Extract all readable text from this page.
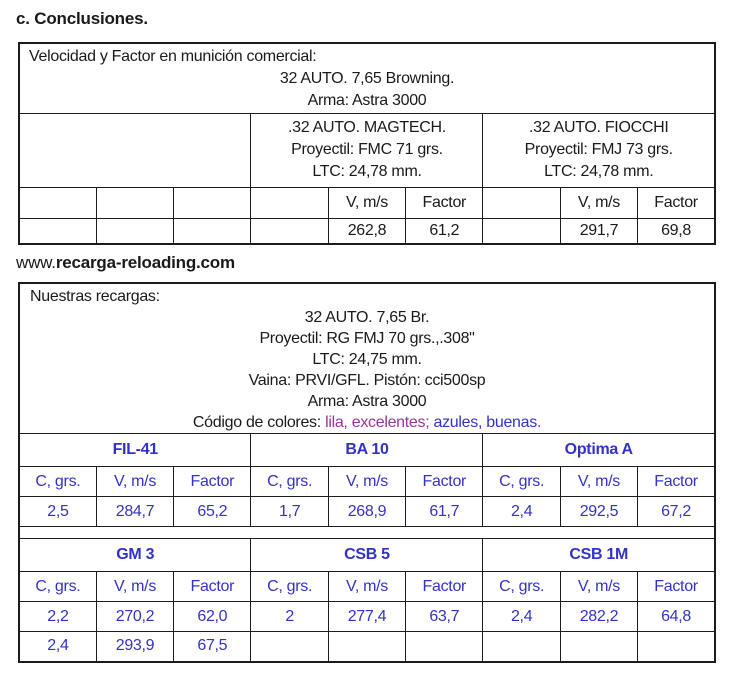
c. Conclusiones.
Velocidad y Factor en munición comercial:
32 AUTO. 7,65 Browning.
Arma: Astra 3000								

.32 AUTO. MAGTECH.
Proyectil: FMC 71 grs.
LTC: 24,78 mm.

.32 AUTO. FIOCCHI
Proyectil: FMJ 73 grs.
LTC: 24,78 mm.

				V, m/s	Factor		V, m/s	Factor
				262,8	61,2		291,7	69,8
www.recarga-reloading.com
Nuestras recargas:
32 AUTO. 7,65 Br.
Proyectil: RG FMJ 70 grs.,.308"
LTC: 24,75 mm.
Vaina: PRVI/GFL. Pistón: cci500sp
Arma: Astra 3000
Código de colores: lila, excelentes; azules, buenas.

FIL-41			BA 10			Optima A		
C, grs.	V, m/s	Factor	C, grs.	V, m/s	Factor	C, grs.	V, m/s	Factor
2,5	284,7	65,2	1,7	268,9	61,7	2,4	292,5	67,2

GM 3			CSB 5			CSB 1M		
C, grs.	V, m/s	Factor	C, grs.	V, m/s	Factor	C, grs.	V, m/s	Factor
2,2	270,2	62,0	2	277,4	63,7	2,4	282,2	64,8
2,4	293,9	67,5						
